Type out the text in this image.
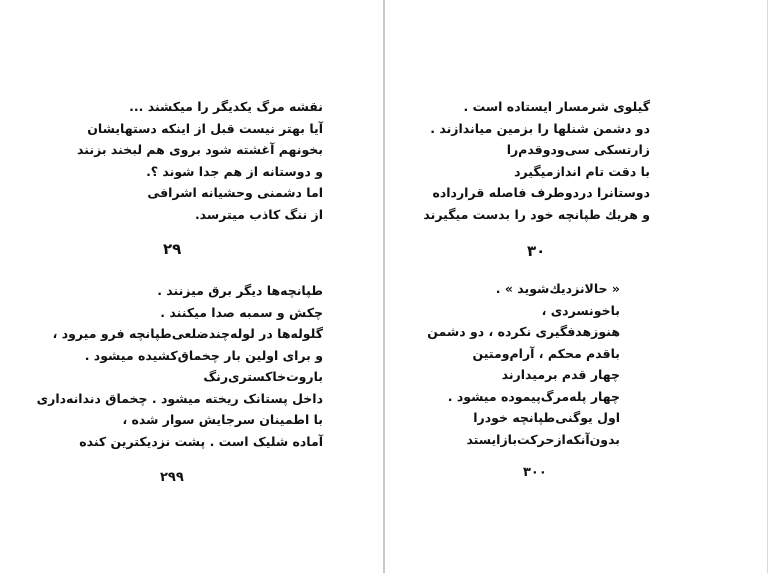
نقشه مرگ یکدیگر را میکشند ...
آیا بهتر نیست قبل از اینکه دستهایشان
بخونهم آغشته شود بروی هم لبخند بزنند
و دوستانه از هم جدا شوند ؟.
اما دشمنی وحشیانه اشرافی
از ننگ کاذب میترسد.
۲۹
طپانچه‌ها دیگر برق میزنند .
چکش و سمبه صدا میکنند .
گلوله‌ها در لوله‌چندضلعی‌طپانچه فرو میرود ،
و برای اولین بار چخماق‌کشیده میشود .
باروت‌خاکستری‌رنگ
داخل پستانک ریخته میشود . چخماق دندانه‌داری
با اطمینان سرجایش سوار شده ،
آماده شلیک است . پشت نزدیکترین کنده
۲۹۹
گیلوی شرمسار ایستاده است .
دو دشمن شنلها را بزمین میاندازند .
زارتسکی سی‌ودوقدم‌را
با دقت تام اندازمیگیرد
دوستانرا دردوطرف فاصله قرارداده
و هریك طپانچه خود را بدست میگیرند
۳۰
« حالانزدیك‌شوید » .
باخونسردی ،
هنوزهدفگیری نکرده ، دو دشمن
باقدم محکم ، آرام‌ومتین
چهار قدم برمیدارند
چهار پلەمرگ‌پیموده میشود .
اول یوگنی‌طپانچه خودرا
بدون‌آنکه‌ازحرکت‌بازایستد
۳۰۰
